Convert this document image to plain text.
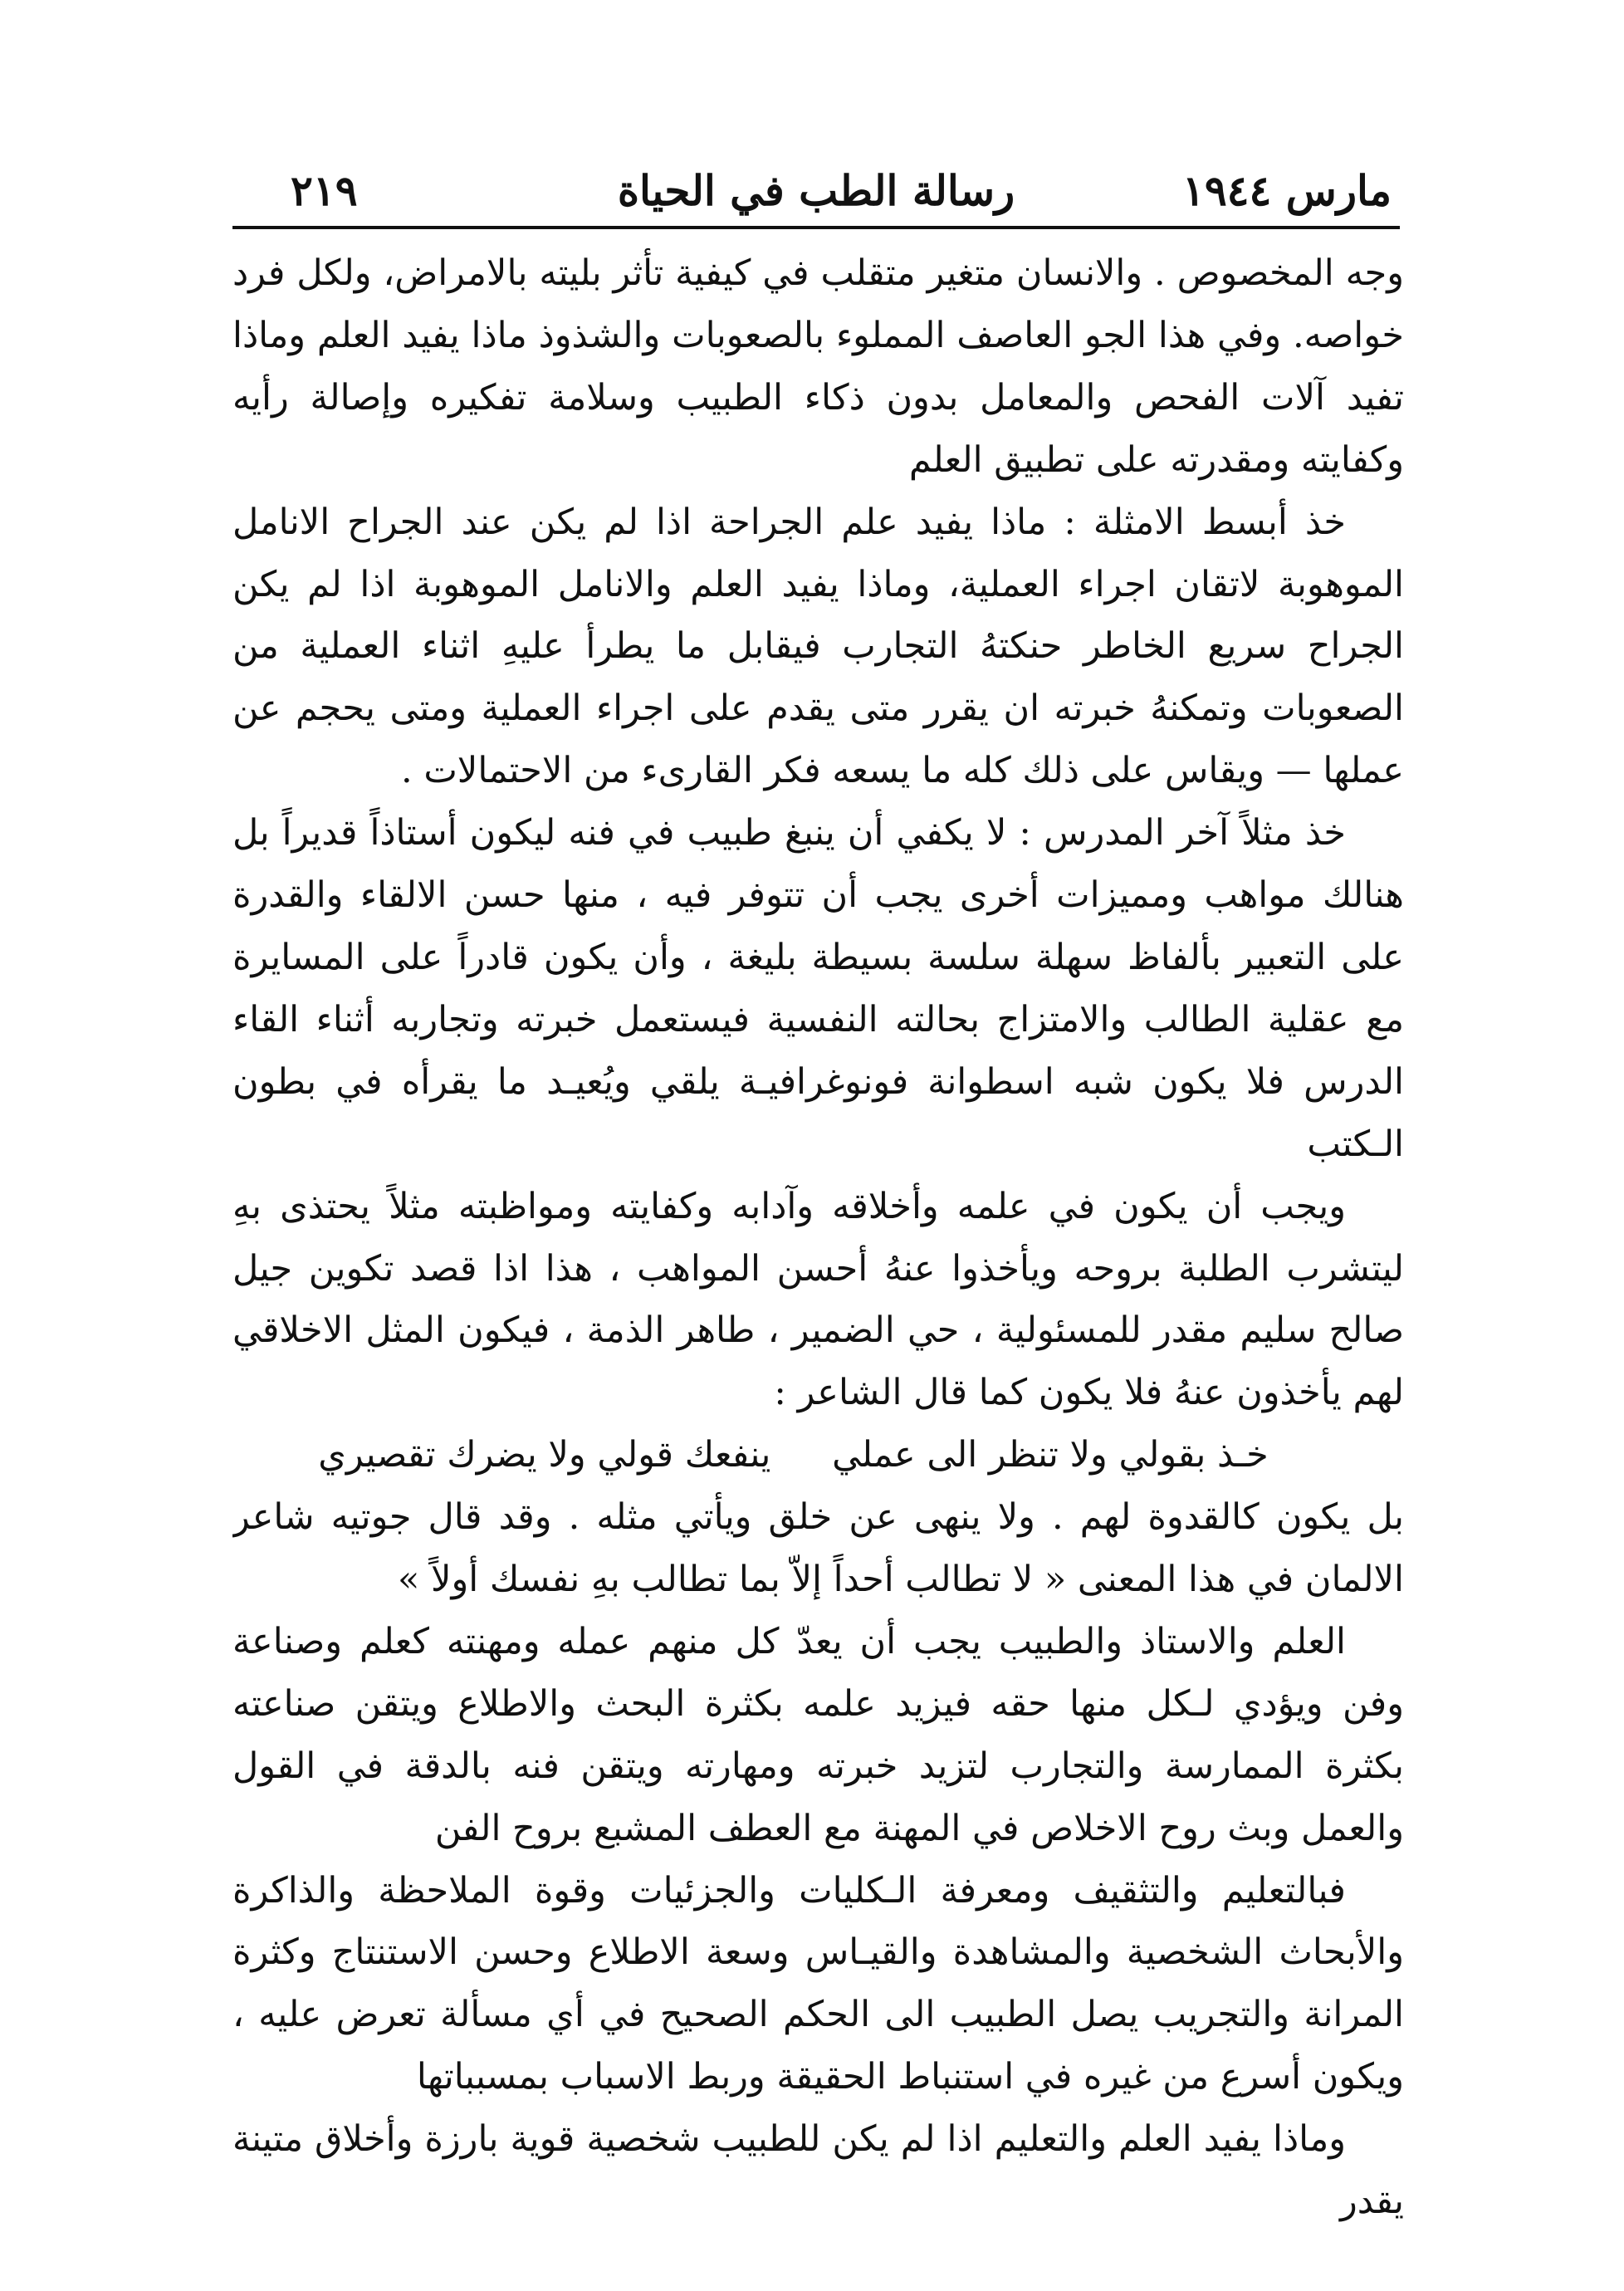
٢١٩	رسالة الطب في الحياة	مارس ١٩٤٤

وجه المخصوص . والانسان متغير متقلب في كيفية تأثر بليته بالامراض، ولكل فرد خواصه. وفي هذا الجو العاصف المملوء بالصعوبات والشذوذ ماذا يفيد العلم وماذا تفيد آلات الفحص والمعامل بدون ذكاء الطبيب وسلامة تفكيره وإصالة رأيه وكفايته ومقدرته على تطبيق العلم

خذ أبسط الامثلة : ماذا يفيد علم الجراحة اذا لم يكن عند الجراح الانامل الموهوبة لاتقان اجراء العملية، وماذا يفيد العلم والانامل الموهوبة اذا لم يكن الجراح سريع الخاطر حنكتهُ التجارب فيقابل ما يطرأ عليهِ اثناء العملية من الصعوبات وتمكنهُ خبرته ان يقرر متى يقدم على اجراء العملية ومتى يحجم عن عملها — ويقاس على ذلك كله ما يسعه فكر القارىء من الاحتمالات .

خذ مثلاً آخر المدرس : لا يكفي أن ينبغ طبيب في فنه ليكون أستاذاً قديراً بل هنالك مواهب ومميزات أخرى يجب أن تتوفر فيه ، منها حسن الالقاء والقدرة على التعبير بألفاظ سهلة سلسة بسيطة بليغة ، وأن يكون قادراً على المسايرة مع عقلية الطالب والامتزاج بحالته النفسية فيستعمل خبرته وتجاربه أثناء القاء الدرس فلا يكون شبه اسطوانة فونوغرافيـة يلقي ويُعيـد ما يقرأه في بطون الـكتب

ويجب أن يكون في علمه وأخلاقه وآدابه وكفايته ومواظبته مثلاً يحتذى بهِ ليتشرب الطلبة بروحه ويأخذوا عنهُ أحسن المواهب ، هذا اذا قصد تكوين جيل صالح سليم مقدر للمسئولية ، حي الضمير ، طاهر الذمة ، فيكون المثل الاخلاقي لهم يأخذون عنهُ فلا يكون كما قال الشاعر :

خـذ بقولي ولا تنظر الى عملي ينفعك قولي ولا يضرك تقصيري

بل يكون كالقدوة لهم . ولا ينهى عن خلق ويأتي مثله . وقد قال جوتيه شاعر الالمان في هذا المعنى « لا تطالب أحداً إلاّ بما تطالب بهِ نفسك أولاً »

العلم والاستاذ والطبيب يجب أن يعدّ كل منهم عمله ومهنته كعلم وصناعة وفن ويؤدي لـكل منها حقه فيزيد علمه بكثرة البحث والاطلاع ويتقن صناعته بكثرة الممارسة والتجارب لتزيد خبرته ومهارته ويتقن فنه بالدقة في القول والعمل وبث روح الاخلاص في المهنة مع العطف المشبع بروح الفن

فبالتعليم والتثقيف ومعرفة الـكليات والجزئيات وقوة الملاحظة والذاكرة والأبحاث الشخصية والمشاهدة والقيـاس وسعة الاطلاع وحسن الاستنتاج وكثرة المرانة والتجريب يصل الطبيب الى الحكم الصحيح في أي مسألة تعرض عليه ، ويكون أسرع من غيره في استنباط الحقيقة وربط الاسباب بمسبباتها

وماذا يفيد العلم والتعليم اذا لم يكن للطبيب شخصية قوية بارزة وأخلاق متينة يقدر
